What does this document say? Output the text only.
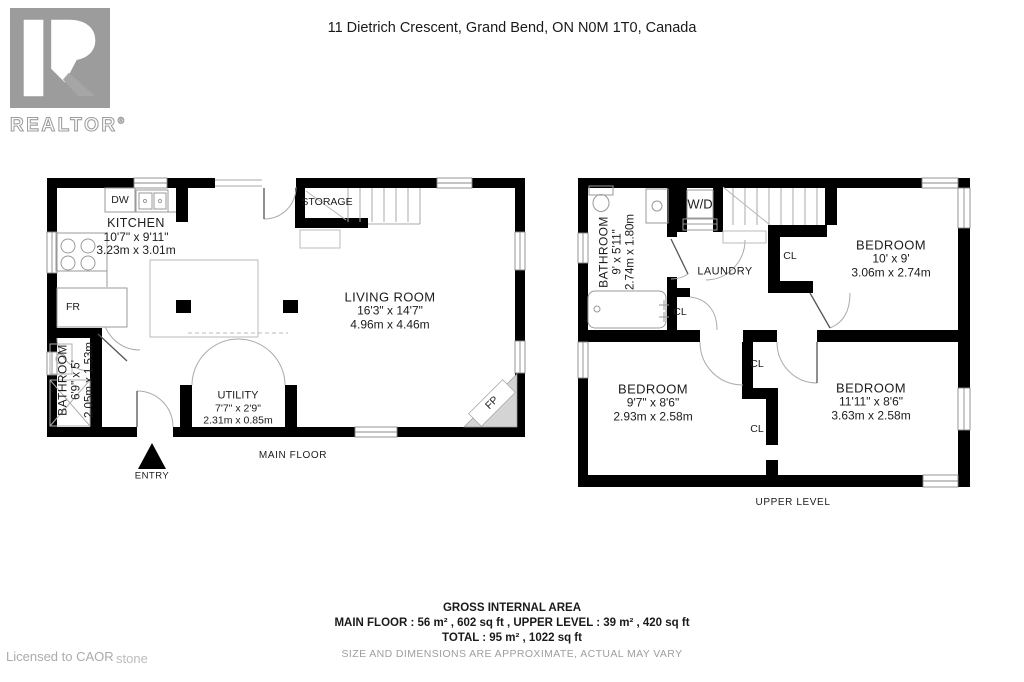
REALTOR®
11 Dietrich Crescent, Grand Bend, ON N0M 1T0, Canada
DW	STORAGE
KITCHEN
10'7" x 9'11"
3.23m x 3.01m
LIVING ROOM
16'3" x 14'7"
4.96m x 4.46m
FR
BATHROOM 6'9" x 5' 2.05m x 1.53m	UTILITY
7'7" x 2'9"
2.31m x 0.85m
FP
ENTRY
MAIN FLOOR
BATHROOM 9' x 5'11" 2.74m x 1.80m
W/D
LAUNDRY
CL
CL
CL
CL
BEDROOM
10' x 9'
3.06m x 2.74m
BEDROOM
9'7" x 8'6"
2.93m x 2.58m
BEDROOM
11'11" x 8'6"
3.63m x 2.58m
UPPER LEVEL
GROSS INTERNAL AREA
MAIN FLOOR : 56 m² , 602 sq ft , UPPER LEVEL : 39 m² , 420 sq ft
TOTAL : 95 m² , 1022 sq ft
SIZE AND DIMENSIONS ARE APPROXIMATE, ACTUAL MAY VARY
Licensed to CAOR stone
